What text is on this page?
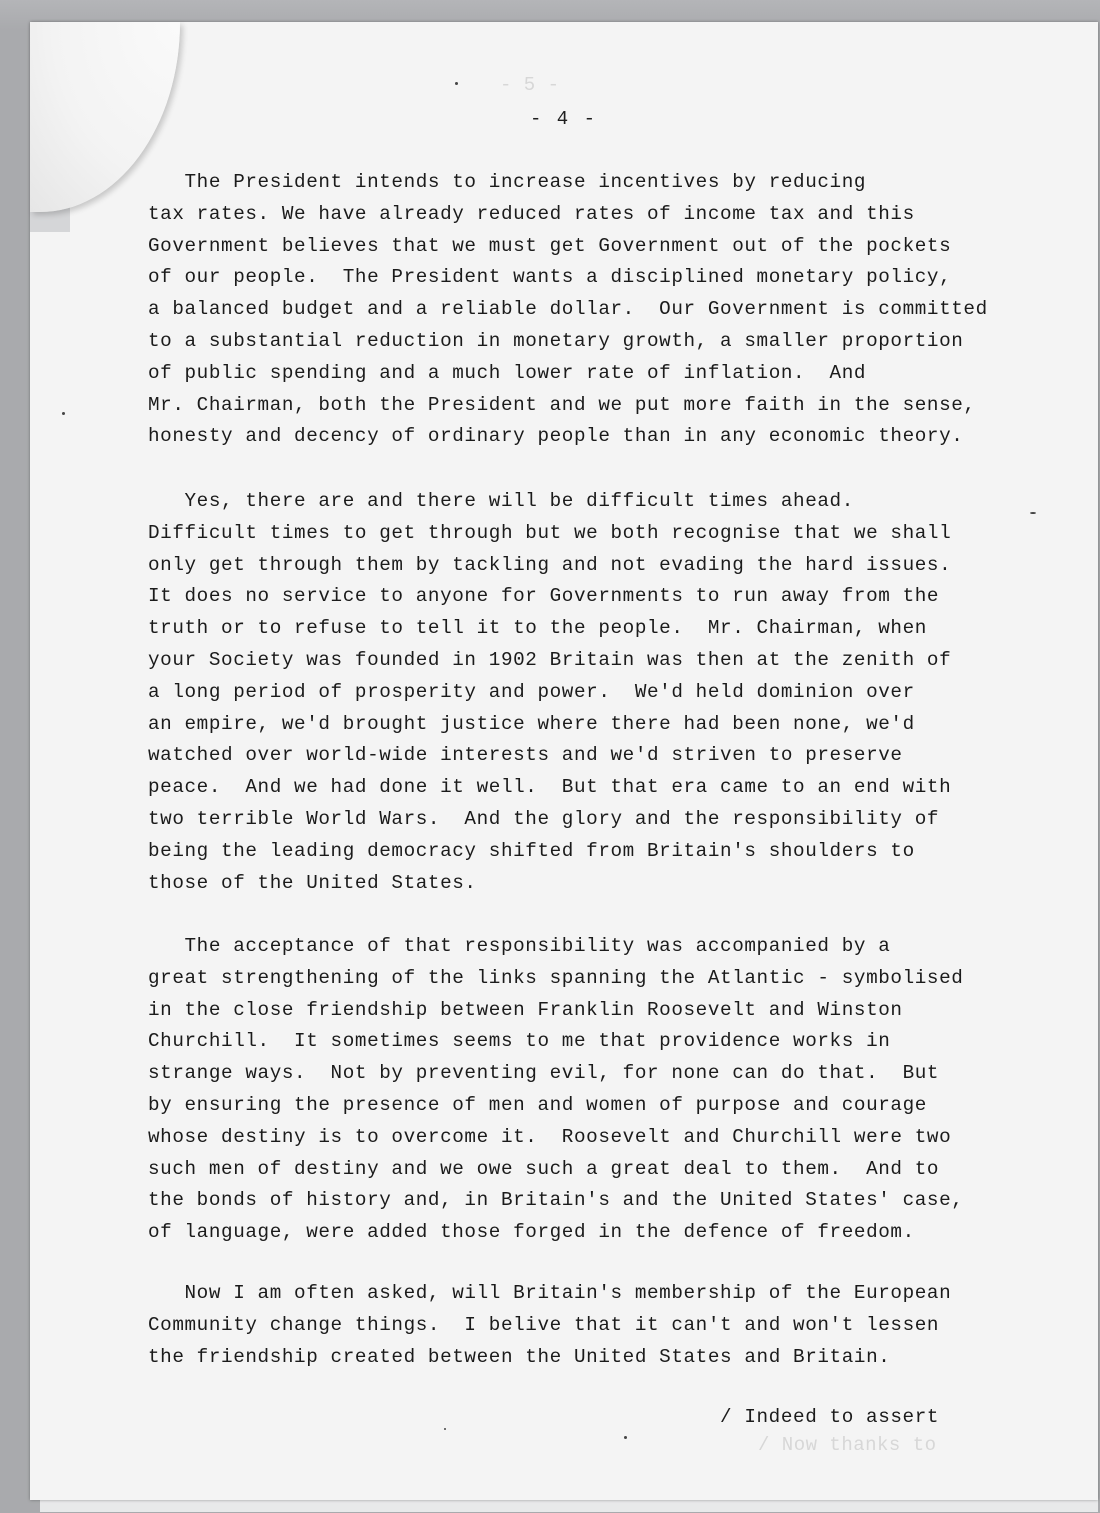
- 5 -
/ Now thanks to
- 4 -
The President intends to increase incentives by reducing
tax rates. We have already reduced rates of income tax and this
Government believes that we must get Government out of the pockets
of our people.  The President wants a disciplined monetary policy,
a balanced budget and a reliable dollar.  Our Government is committed
to a substantial reduction in monetary growth, a smaller proportion
of public spending and a much lower rate of inflation.  And
Mr. Chairman, both the President and we put more faith in the sense,
honesty and decency of ordinary people than in any economic theory.
Yes, there are and there will be difficult times ahead.
Difficult times to get through but we both recognise that we shall
only get through them by tackling and not evading the hard issues.
It does no service to anyone for Governments to run away from the
truth or to refuse to tell it to the people.  Mr. Chairman, when
your Society was founded in 1902 Britain was then at the zenith of
a long period of prosperity and power.  We'd held dominion over
an empire, we'd brought justice where there had been none, we'd
watched over world-wide interests and we'd striven to preserve
peace.  And we had done it well.  But that era came to an end with
two terrible World Wars.  And the glory and the responsibility of
being the leading democracy shifted from Britain's shoulders to
those of the United States.
The acceptance of that responsibility was accompanied by a
great strengthening of the links spanning the Atlantic - symbolised
in the close friendship between Franklin Roosevelt and Winston
Churchill.  It sometimes seems to me that providence works in
strange ways.  Not by preventing evil, for none can do that.  But
by ensuring the presence of men and women of purpose and courage
whose destiny is to overcome it.  Roosevelt and Churchill were two
such men of destiny and we owe such a great deal to them.  And to
the bonds of history and, in Britain's and the United States' case,
of language, were added those forged in the defence of freedom.
Now I am often asked, will Britain's membership of the European
Community change things.  I belive that it can't and won't lessen
the friendship created between the United States and Britain.
/ Indeed to assert
